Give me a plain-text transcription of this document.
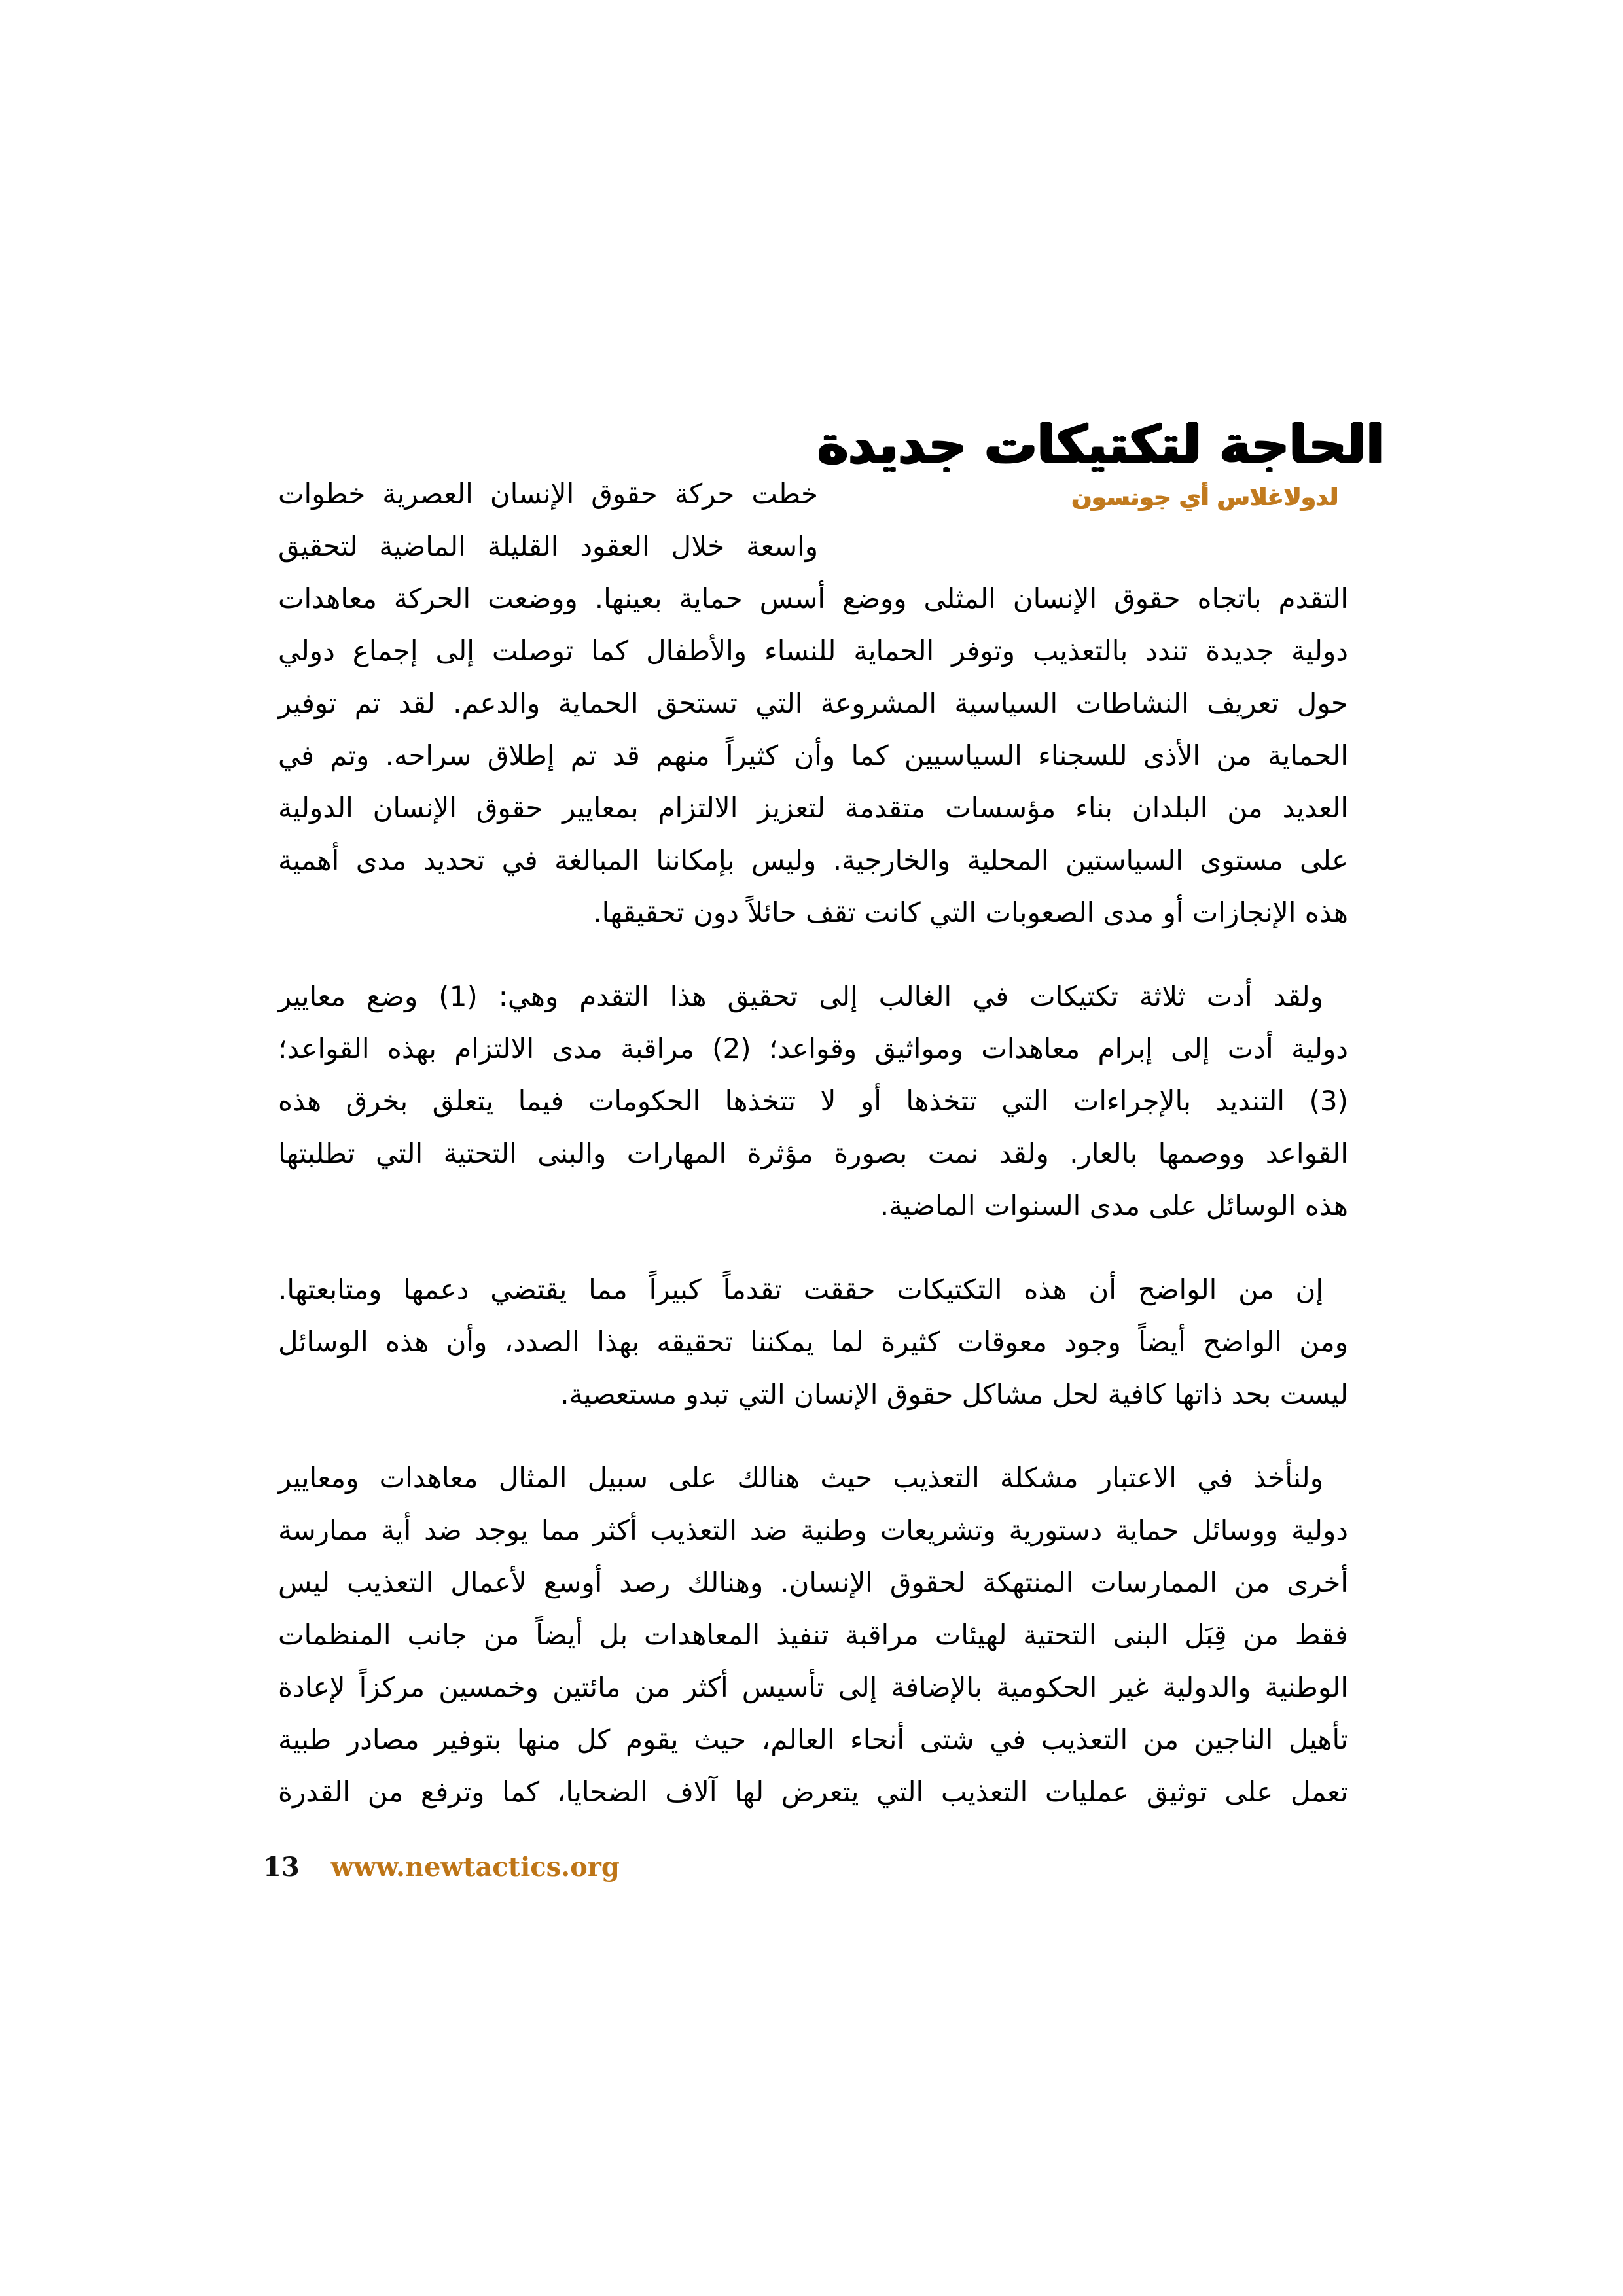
الحاجة لتكتيكات جديدة
لدولاغلاس أي جونسون
خطت حركة حقوق الإنسان العصرية خطوات
واسعة خلال العقود القليلة الماضية لتحقيق
التقدم باتجاه حقوق الإنسان المثلى ووضع أسس حماية بعينها. ووضعت الحركة معاهدات
دولية جديدة تندد بالتعذيب وتوفر الحماية للنساء والأطفال كما توصلت إلى إجماع دولي
حول تعريف النشاطات السياسية المشروعة التي تستحق الحماية والدعم. لقد تم توفير
الحماية من الأذى للسجناء السياسيين كما وأن كثيراً منهم قد تم إطلاق سراحه. وتم في
العديد من البلدان بناء مؤسسات متقدمة لتعزيز الالتزام بمعايير حقوق الإنسان الدولية
على مستوى السياستين المحلية والخارجية. وليس بإمكاننا المبالغة في تحديد مدى أهمية
هذه الإنجازات أو مدى الصعوبات التي كانت تقف حائلاً دون تحقيقها.
ولقد أدت ثلاثة تكتيكات في الغالب إلى تحقيق هذا التقدم وهي: (1) وضع معايير
دولية أدت إلى إبرام معاهدات ومواثيق وقواعد؛ (2) مراقبة مدى الالتزام بهذه القواعد؛
(3) التنديد بالإجراءات التي تتخذها أو لا تتخذها الحكومات فيما يتعلق بخرق هذه
القواعد ووصمها بالعار. ولقد نمت بصورة مؤثرة المهارات والبنى التحتية التي تطلبتها
هذه الوسائل على مدى السنوات الماضية.
إن من الواضح أن هذه التكتيكات حققت تقدماً كبيراً مما يقتضي دعمها ومتابعتها.
ومن الواضح أيضاً وجود معوقات كثيرة لما يمكننا تحقيقه بهذا الصدد، وأن هذه الوسائل
ليست بحد ذاتها كافية لحل مشاكل حقوق الإنسان التي تبدو مستعصية.
ولنأخذ في الاعتبار مشكلة التعذيب حيث هنالك على سبيل المثال معاهدات ومعايير
دولية ووسائل حماية دستورية وتشريعات وطنية ضد التعذيب أكثر مما يوجد ضد أية ممارسة
أخرى من الممارسات المنتهكة لحقوق الإنسان. وهنالك رصد أوسع لأعمال التعذيب ليس
فقط من قِبَل البنى التحتية لهيئات مراقبة تنفيذ المعاهدات بل أيضاً من جانب المنظمات
الوطنية والدولية غير الحكومية بالإضافة إلى تأسيس أكثر من مائتين وخمسين مركزاً لإعادة
تأهيل الناجين من التعذيب في شتى أنحاء العالم، حيث يقوم كل منها بتوفير مصادر طبية
تعمل على توثيق عمليات التعذيب التي يتعرض لها آلاف الضحايا، كما وترفع من القدرة
13 www.newtactics.org
